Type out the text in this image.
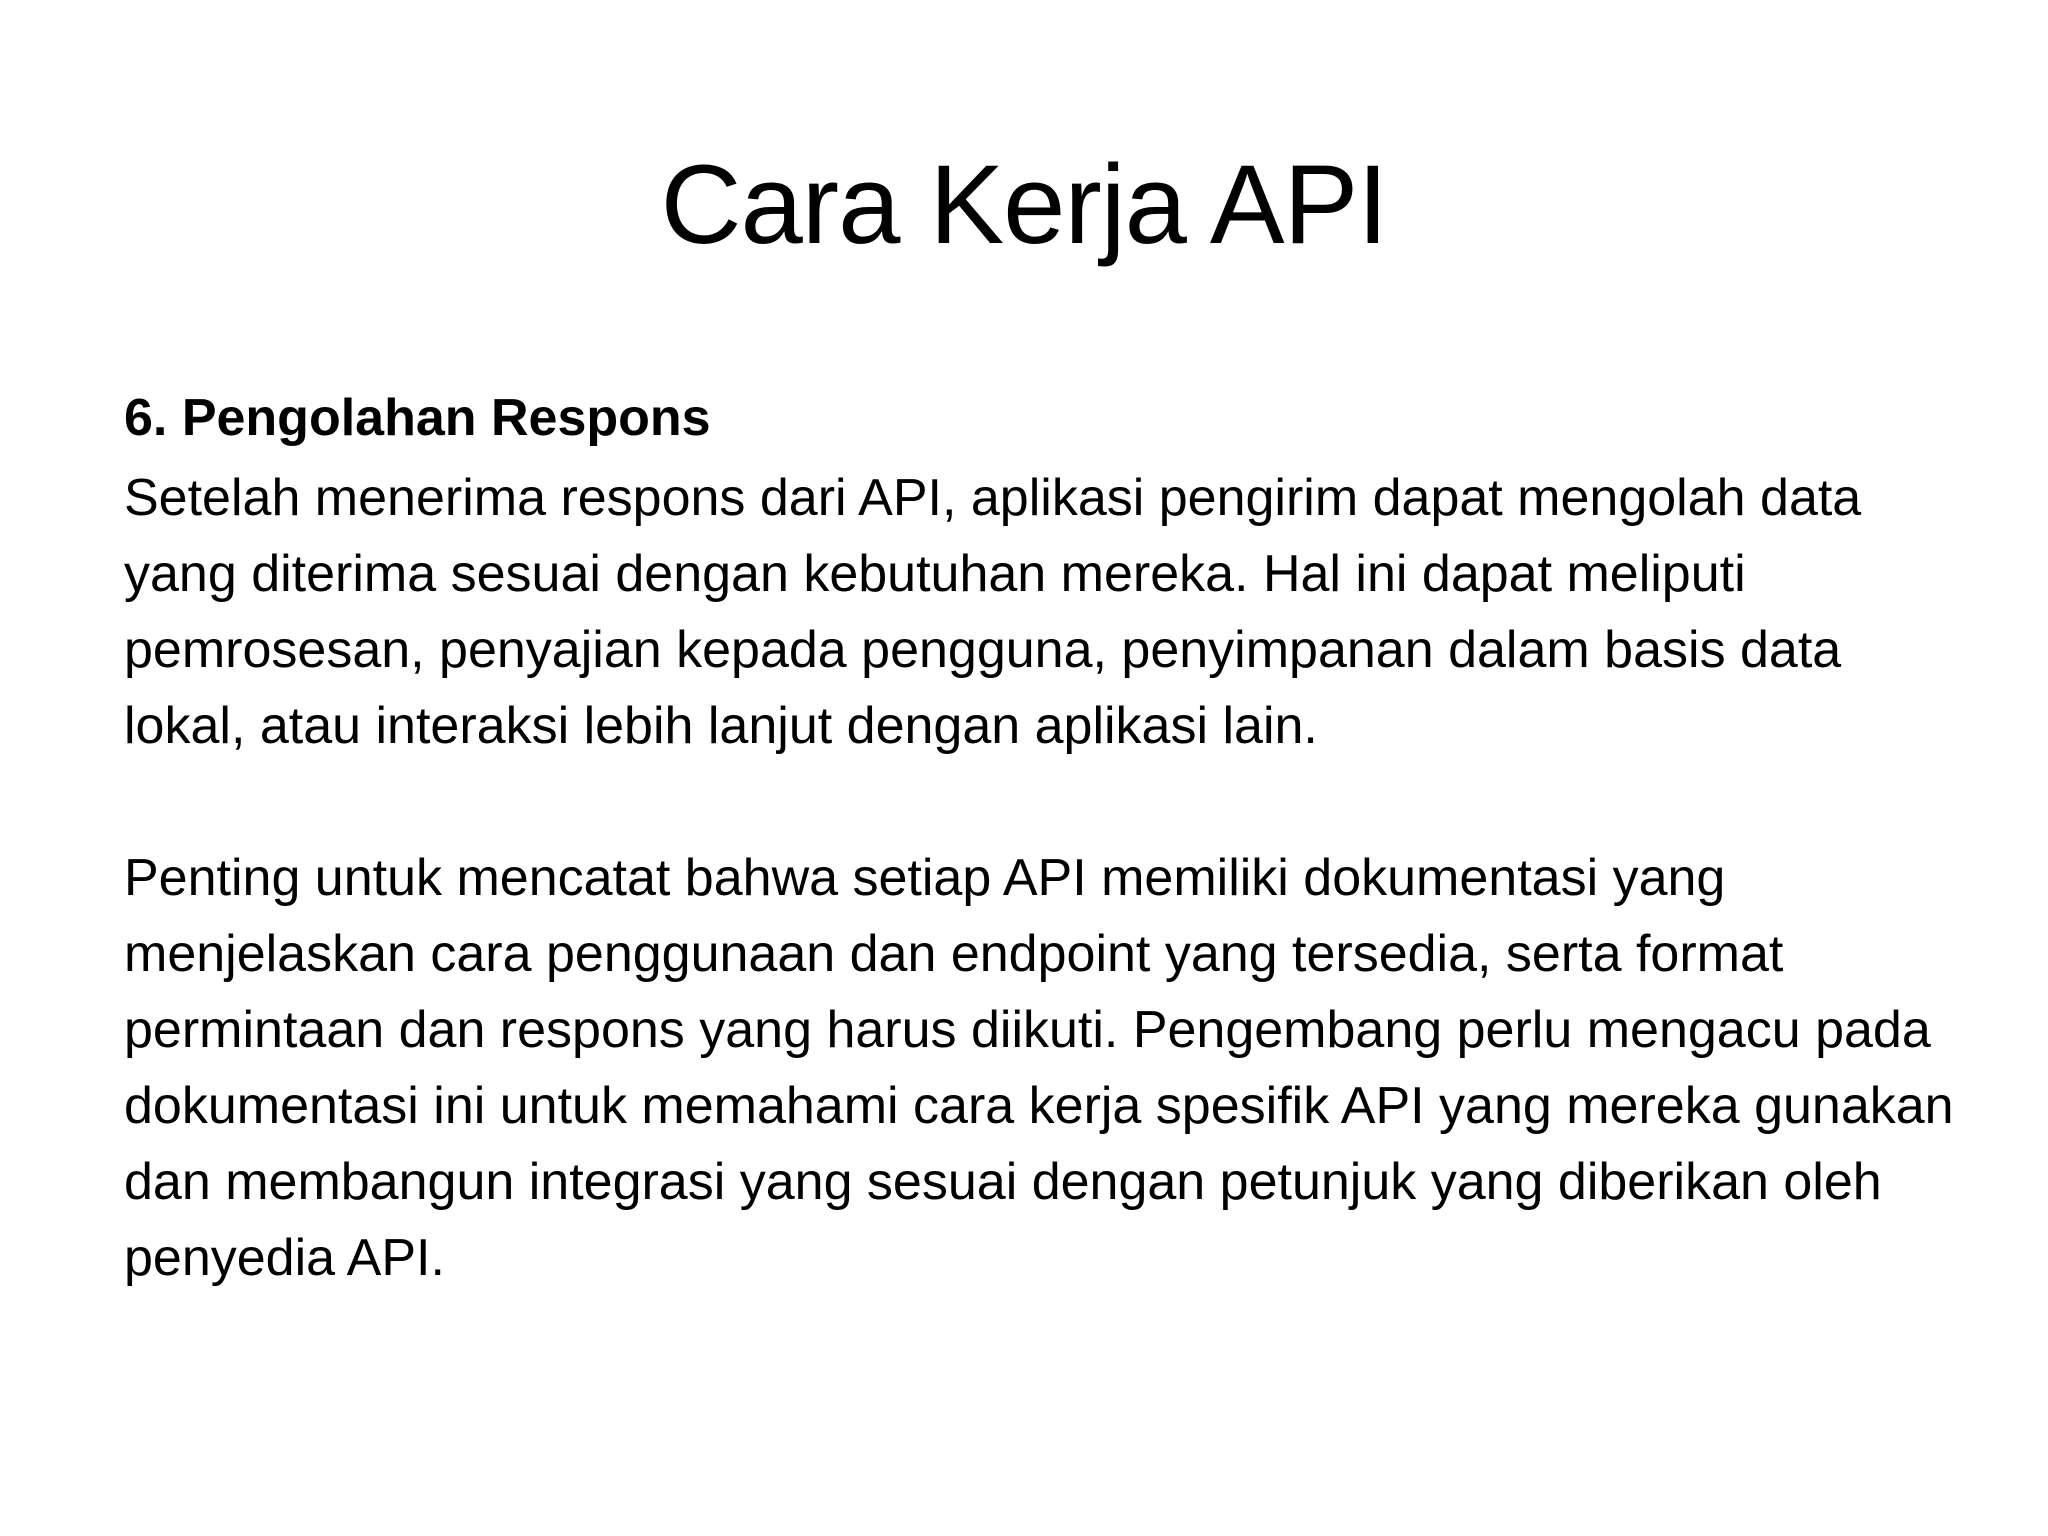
Cara Kerja API

6. Pengolahan Respons

Setelah menerima respons dari API, aplikasi pengirim dapat mengolah data yang diterima sesuai dengan kebutuhan mereka. Hal ini dapat meliputi pemrosesan, penyajian kepada pengguna, penyimpanan dalam basis data lokal, atau interaksi lebih lanjut dengan aplikasi lain.

Penting untuk mencatat bahwa setiap API memiliki dokumentasi yang menjelaskan cara penggunaan dan endpoint yang tersedia, serta format permintaan dan respons yang harus diikuti. Pengembang perlu mengacu pada dokumentasi ini untuk memahami cara kerja spesifik API yang mereka gunakan dan membangun integrasi yang sesuai dengan petunjuk yang diberikan oleh penyedia API.
